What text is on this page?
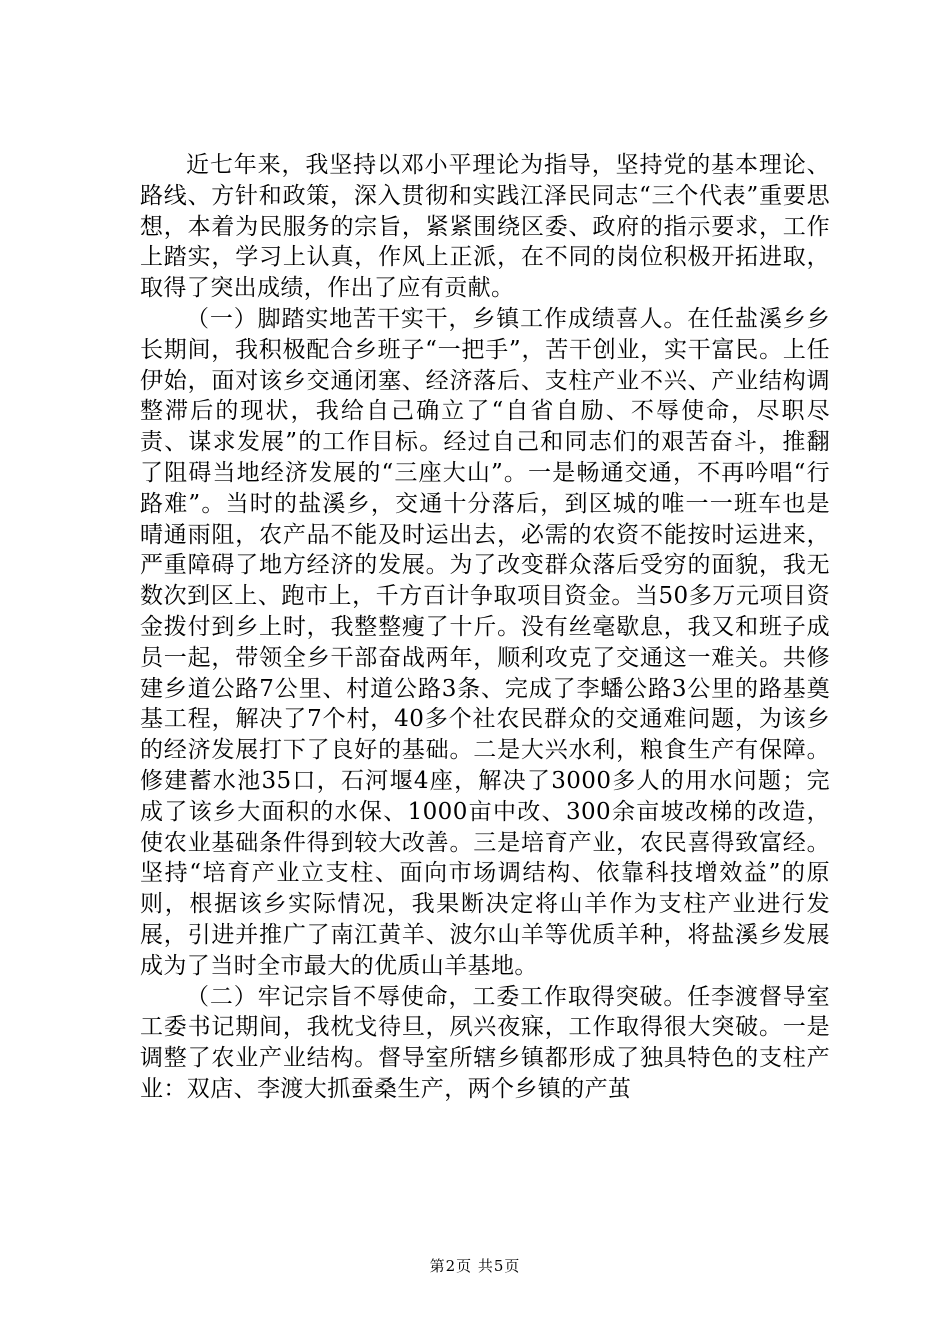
近七年来，我坚持以邓小平理论为指导，坚持党的基本理论、路线、方针和政策，深入贯彻和实践江泽民同志“三个代表”重要思想，本着为民服务的宗旨，紧紧围绕区委、政府的指示要求，工作上踏实，学习上认真，作风上正派，在不同的岗位积极开拓进取，取得了突出成绩，作出了应有贡献。

（一）脚踏实地苦干实干，乡镇工作成绩喜人。在任盐溪乡乡长期间，我积极配合乡班子“一把手”，苦干创业，实干富民。上任伊始，面对该乡交通闭塞、经济落后、支柱产业不兴、产业结构调整滞后的现状，我给自己确立了“自省自励、不辱使命，尽职尽责、谋求发展”的工作目标。经过自己和同志们的艰苦奋斗，推翻了阻碍当地经济发展的“三座大山”。一是畅通交通，不再吟唱“行路难”。当时的盐溪乡，交通十分落后，到区城的唯一一班车也是晴通雨阻，农产品不能及时运出去，必需的农资不能按时运进来，严重障碍了地方经济的发展。为了改变群众落后受穷的面貌，我无数次到区上、跑市上，千方百计争取项目资金。当50多万元项目资金拨付到乡上时，我整整瘦了十斤。没有丝毫歇息，我又和班子成员一起，带领全乡干部奋战两年，顺利攻克了交通这一难关。共修建乡道公路7公里、村道公路3条、完成了李蟠公路3公里的路基奠基工程，解决了7个村，40多个社农民群众的交通难问题，为该乡的经济发展打下了良好的基础。二是大兴水利，粮食生产有保障。修建蓄水池35口，石河堰4座，解决了3000多人的用水问题；完成了该乡大面积的水保、1000亩中改、300余亩坡改梯的改造，使农业基础条件得到较大改善。三是培育产业，农民喜得致富经。坚持“培育产业立支柱、面向市场调结构、依靠科技增效益”的原则，根据该乡实际情况，我果断决定将山羊作为支柱产业进行发展，引进并推广了南江黄羊、波尔山羊等优质羊种，将盐溪乡发展成为了当时全市最大的优质山羊基地。

（二）牢记宗旨不辱使命，工委工作取得突破。任李渡督导室工委书记期间，我枕戈待旦，夙兴夜寐，工作取得很大突破。一是调整了农业产业结构。督导室所辖乡镇都形成了独具特色的支柱产业：双店、李渡大抓蚕桑生产，两个乡镇的产茧

第2页 共5页
